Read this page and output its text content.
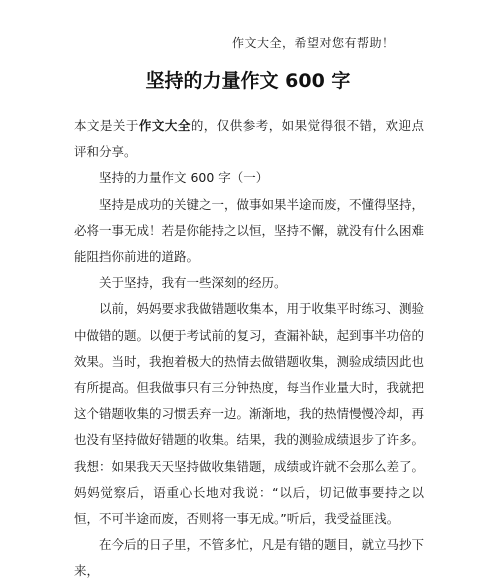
作文大全，希望对您有帮助！
坚持的力量作文 600 字

本文是关于作文大全的，仅供参考，如果觉得很不错，欢迎点评和分享。

坚持的力量作文 600 字（一）

坚持是成功的关键之一，做事如果半途而废，不懂得坚持，必将一事无成！若是你能持之以恒，坚持不懈，就没有什么困难能阻挡你前进的道路。

关于坚持，我有一些深刻的经历。

以前，妈妈要求我做错题收集本，用于收集平时练习、测验中做错的题。以便于考试前的复习，查漏补缺，起到事半功倍的效果。当时，我抱着极大的热情去做错题收集，测验成绩因此也有所提高。但我做事只有三分钟热度，每当作业量大时，我就把这个错题收集的习惯丢弃一边。渐渐地，我的热情慢慢冷却，再也没有坚持做好错题的收集。结果，我的测验成绩退步了许多。我想：如果我天天坚持做收集错题，成绩或许就不会那么差了。妈妈觉察后，语重心长地对我说：“以后，切记做事要持之以恒，不可半途而废，否则将一事无成。”听后，我受益匪浅。

在今后的日子里，不管多忙，凡是有错的题目，就立马抄下来，
